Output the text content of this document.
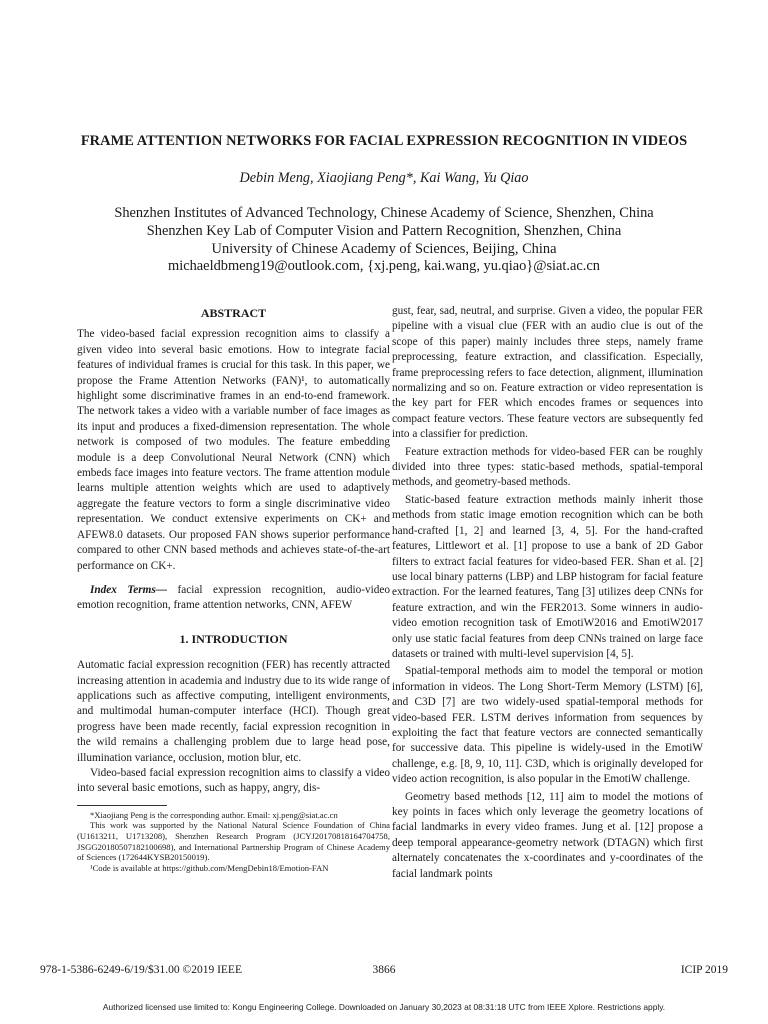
FRAME ATTENTION NETWORKS FOR FACIAL EXPRESSION RECOGNITION IN VIDEOS
Debin Meng, Xiaojiang Peng*, Kai Wang, Yu Qiao
Shenzhen Institutes of Advanced Technology, Chinese Academy of Science, Shenzhen, China
Shenzhen Key Lab of Computer Vision and Pattern Recognition, Shenzhen, China
University of Chinese Academy of Sciences, Beijing, China
michaeldbmeng19@outlook.com, {xj.peng, kai.wang, yu.qiao}@siat.ac.cn
ABSTRACT

The video-based facial expression recognition aims to classify a given video into several basic emotions. How to integrate facial features of individual frames is crucial for this task. In this paper, we propose the Frame Attention Networks (FAN)¹, to automatically highlight some discriminative frames in an end-to-end framework. The network takes a video with a variable number of face images as its input and produces a fixed-dimension representation. The whole network is composed of two modules. The feature embedding module is a deep Convolutional Neural Network (CNN) which embeds face images into feature vectors. The frame attention module learns multiple attention weights which are used to adaptively aggregate the feature vectors to form a single discriminative video representation. We conduct extensive experiments on CK+ and AFEW8.0 datasets. Our proposed FAN shows superior performance compared to other CNN based methods and achieves state-of-the-art performance on CK+.

Index Terms— facial expression recognition, audio-video emotion recognition, frame attention networks, CNN, AFEW

1. INTRODUCTION

Automatic facial expression recognition (FER) has recently attracted increasing attention in academia and industry due to its wide range of applications such as affective computing, intelligent environments, and multimodal human-computer interface (HCI). Though great progress have been made recently, facial expression recognition in the wild remains a challenging problem due to large head pose, illumination variance, occlusion, motion blur, etc.

Video-based facial expression recognition aims to classify a video into several basic emotions, such as happy, angry, dis-

*Xiaojiang Peng is the corresponding author. Email: xj.peng@siat.ac.cn

This work was supported by the National Natural Science Foundation of China (U1613211, U1713208), Shenzhen Research Program (JCYJ20170818164704758, JSGG20180507182100698), and International Partnership Program of Chinese Academy of Sciences (172644KYSB20150019).

¹Code is available at https://github.com/MengDebin18/Emotion-FAN

gust, fear, sad, neutral, and surprise. Given a video, the popular FER pipeline with a visual clue (FER with an audio clue is out of the scope of this paper) mainly includes three steps, namely frame preprocessing, feature extraction, and classification. Especially, frame preprocessing refers to face detection, alignment, illumination normalizing and so on. Feature extraction or video representation is the key part for FER which encodes frames or sequences into compact feature vectors. These feature vectors are subsequently fed into a classifier for prediction.

Feature extraction methods for video-based FER can be roughly divided into three types: static-based methods, spatial-temporal methods, and geometry-based methods.

Static-based feature extraction methods mainly inherit those methods from static image emotion recognition which can be both hand-crafted [1, 2] and learned [3, 4, 5]. For the hand-crafted features, Littlewort et al. [1] propose to use a bank of 2D Gabor filters to extract facial features for video-based FER. Shan et al. [2] use local binary patterns (LBP) and LBP histogram for facial feature extraction. For the learned features, Tang [3] utilizes deep CNNs for feature extraction, and win the FER2013. Some winners in audio-video emotion recognition task of EmotiW2016 and EmotiW2017 only use static facial features from deep CNNs trained on large face datasets or trained with multi-level supervision [4, 5].

Spatial-temporal methods aim to model the temporal or motion information in videos. The Long Short-Term Memory (LSTM) [6], and C3D [7] are two widely-used spatial-temporal methods for video-based FER. LSTM derives information from sequences by exploiting the fact that feature vectors are connected semantically for successive data. This pipeline is widely-used in the EmotiW challenge, e.g. [8, 9, 10, 11]. C3D, which is originally developed for video action recognition, is also popular in the EmotiW challenge.

Geometry based methods [12, 11] aim to model the motions of key points in faces which only leverage the geometry locations of facial landmarks in every video frames. Jung et al. [12] propose a deep temporal appearance-geometry network (DTAGN) which first alternately concatenates the x-coordinates and y-coordinates of the facial landmark points

978-1-5386-6249-6/19/$31.00 ©2019 IEEE	3866	ICIP 2019
Authorized licensed use limited to: Kongu Engineering College. Downloaded on January 30,2023 at 08:31:18 UTC from IEEE Xplore. Restrictions apply.
